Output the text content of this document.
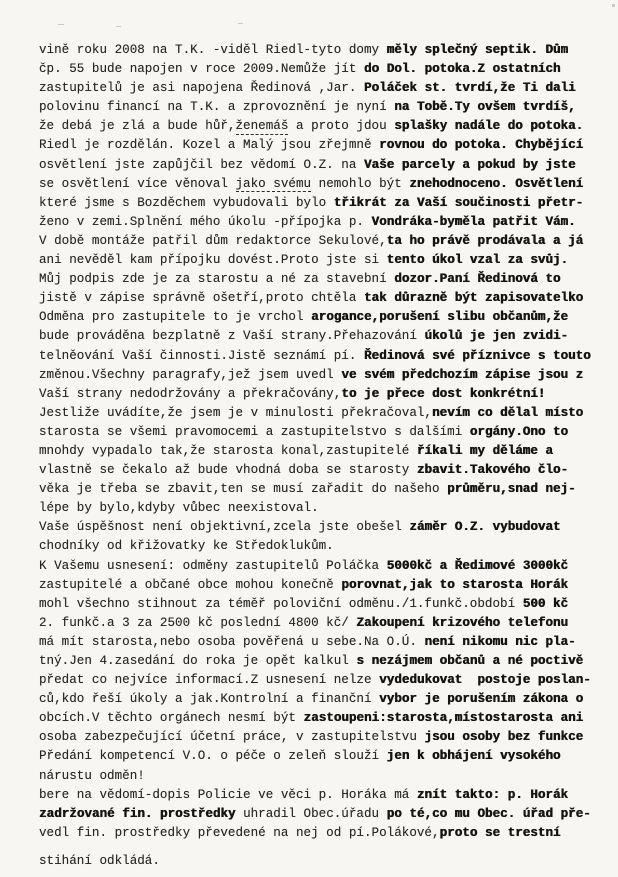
vině roku 2008 na T.K. -viděl Riedl-tyto domy měly splečný septik. Dům
čp. 55 bude napojen v roce 2009.Nemůže jít do Dol. potoka.Z ostatních
zastupitelů je asi napojena Ředinová ,Jar. Poláček st. tvrdí,že Ti dali
polovinu financí na T.K. a zprovoznění je nyní na Tobě.Ty ovšem tvrdíš,
že debá je zlá a bude hůř,ženemáš a proto jdou splašky nadále do potoka.
Riedl je rozdělán. Kozel a Malý jsou zřejmně rovnou do potoka. Chybějící
osvětlení jste zapůjčil bez vědomí O.Z. na Vaše parcely a pokud by jste
se osvětlení více věnoval jako svému nemohlo být znehodnoceno. Osvětlení
které jsme s Bozděchem vybudovali bylo třikrát za Vaší součinosti přetr-
ženo v zemi.Splnění mého úkolu -přípojka p. Vondráka-byměla patřit Vám.
V době montáže patřil dům redaktorce Sekulové,ta ho právě prodávala a já
ani nevěděl kam přípojku dovést.Proto jste si tento úkol vzal za svůj.
Můj podpis zde je za starostu a né za stavební dozor.Paní Ředinová to
jistě v zápise správně ošetří,proto chtěla tak důrazně být zapisovatelko
Odměna pro zastupitele to je vrchol arogance,porušení slibu občanům,že
bude prováděna bezplatně z Vaší strany.Přehazování úkolů je jen zvidi-
telněování Vaší činnosti.Jistě seznámí pí. Ředinová své příznivce s touto
změnou.Všechny paragrafy,jež jsem uvedl ve svém předchozím zápise jsou z
Vaší strany nedodržovány a překračovány,to je přece dost konkrétní!
Jestliže uvádíte,že jsem je v minulosti překračoval,nevím co dělal místo
starosta se všemi pravomocemi a zastupitelstvo s dalšími orgány.Ono to
mnohdy vypadalo tak,že starosta konal,zastupitelé říkali my děláme a
vlastně se čekalo až bude vhodná doba se starosty zbavit.Takového člo-
věka je třeba se zbavit,ten se musí zařadit do našeho průměru,snad nej-
lépe by bylo,kdyby vůbec neexistoval.
Vaše úspěšnost není objektivní,zcela jste obešel záměr O.Z. vybudovat
chodníky od křižovatky ke Středoklukům.
K Vašemu usnesení: odměny zastupitelů Poláčka 5000kč a Ředimové 3000kč
zastupitelé a občané obce mohou konečně porovnat,jak to starosta Horák
mohl všechno stihnout za téměř poloviční odměnu./1.funkč.období 500 kč
2. funkč.a 3 za 2500 kč poslední 4800 kč/ Zakoupení krizového telefonu
má mít starosta,nebo osoba pověřená u sebe.Na O.Ú. není nikomu nic pla-
tný.Jen 4.zasedání do roka je opět kalkul s nezájmem občanů a né poctivě
předat co nejvíce informací.Z usnesení nelze vydedukovat  postoje poslan-
ců,kdo řeší úkoly a jak.Kontrolní a finanční vybor je porušením zákona o
obcích.V těchto orgánech nesmí být zastoupeni:starosta,místostarosta ani
osoba zabezpečující účetní práce, v zastupitelstvu jsou osoby bez funkce
Předání kompetencí V.O. o péče o zeleň slouží jen k obhájení vysokého
nárustu odměn!
bere na vědomí-dopis Policie ve věci p. Horáka má znít takto: p. Horák
zadržované fin. prostředky uhradil Obec.úřadu po té,co mu Obec. úřad pře-
vedl fin. prostředky převedené na nej od pí.Polákové,proto se trestní
stihání odkládá.
